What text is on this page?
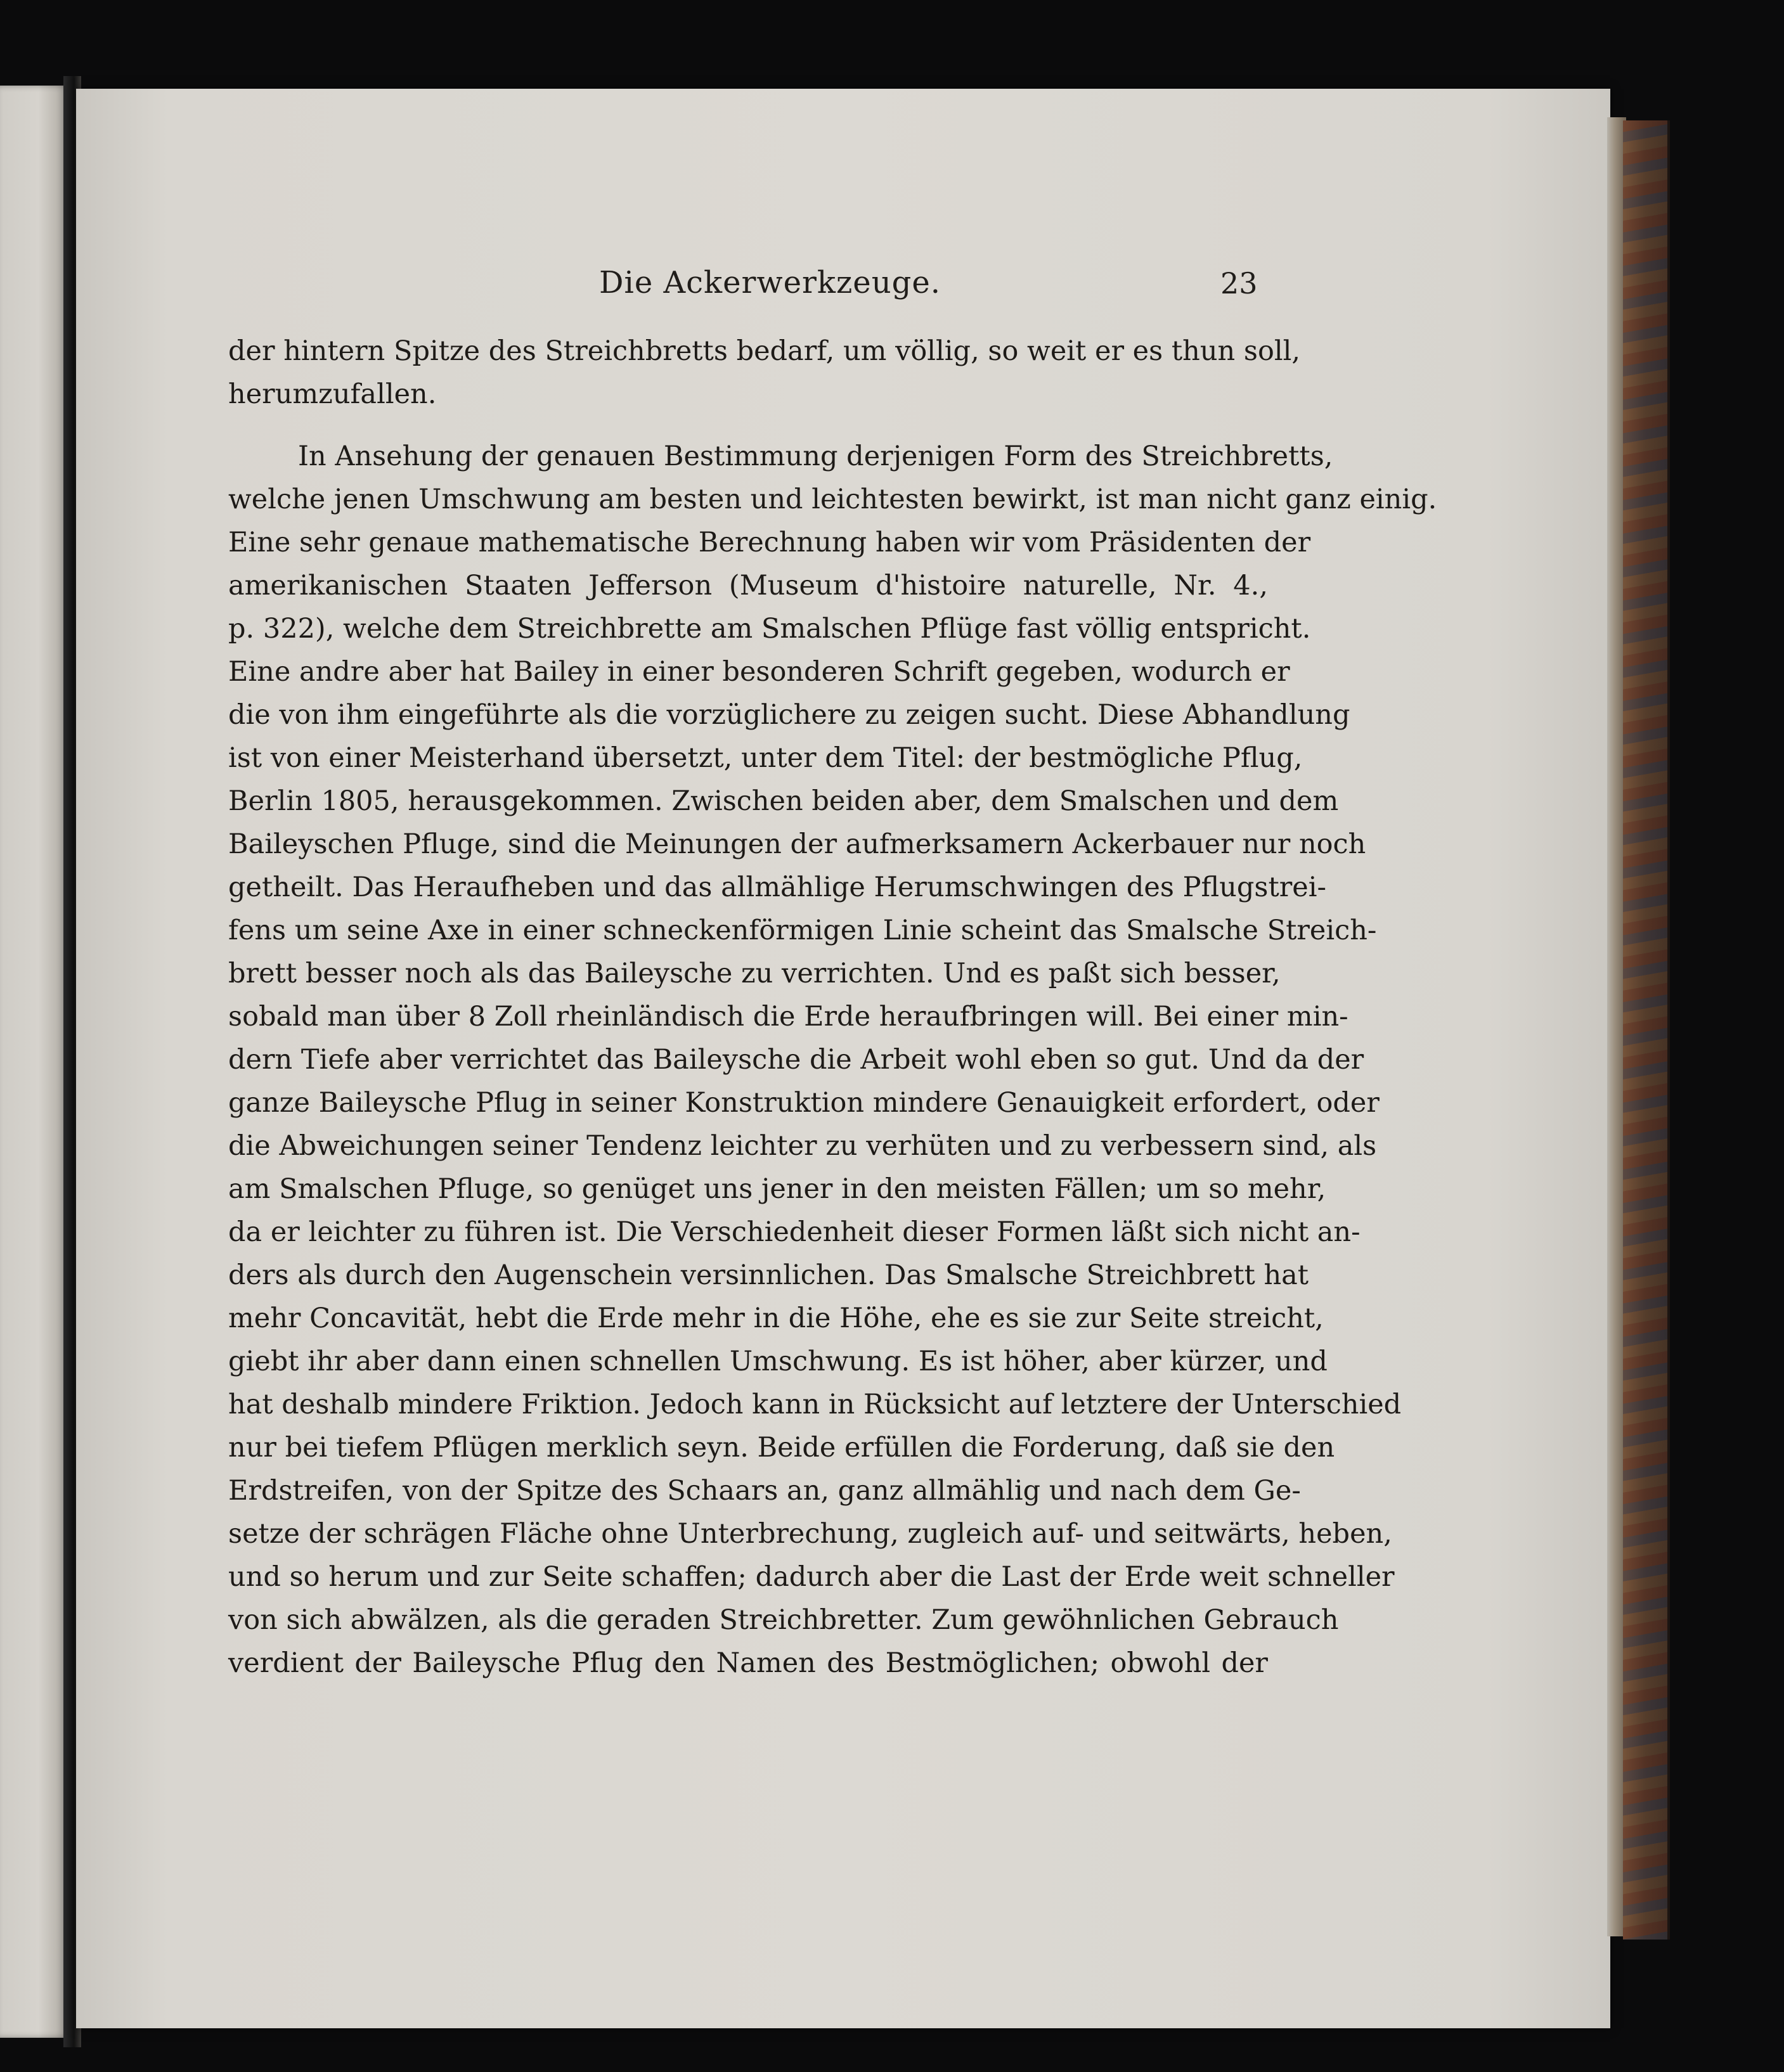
Die Ackerwerkzeuge.	23
der hintern Spitze des Streichbretts bedarf, um völlig, so weit er es thun soll,
herumzufallen.
In Ansehung der genauen Bestimmung derjenigen Form des Streichbretts,
welche jenen Umschwung am besten und leichtesten bewirkt, ist man nicht ganz einig.
Eine sehr genaue mathematische Berechnung haben wir vom Präsidenten der
amerikanischen Staaten Jefferson (Museum d'histoire naturelle, Nr. 4.,
p. 322), welche dem Streichbrette am Smalschen Pflüge fast völlig entspricht.
Eine andre aber hat Bailey in einer besonderen Schrift gegeben, wodurch er
die von ihm eingeführte als die vorzüglichere zu zeigen sucht. Diese Abhandlung
ist von einer Meisterhand übersetzt, unter dem Titel: der bestmögliche Pflug,
Berlin 1805, herausgekommen. Zwischen beiden aber, dem Smalschen und dem
Baileyschen Pfluge, sind die Meinungen der aufmerksamern Ackerbauer nur noch
getheilt. Das Heraufheben und das allmählige Herumschwingen des Pflugstrei-
fens um seine Axe in einer schneckenförmigen Linie scheint das Smalsche Streich-
brett besser noch als das Baileysche zu verrichten. Und es paßt sich besser,
sobald man über 8 Zoll rheinländisch die Erde heraufbringen will. Bei einer min-
dern Tiefe aber verrichtet das Baileysche die Arbeit wohl eben so gut. Und da der
ganze Baileysche Pflug in seiner Konstruktion mindere Genauigkeit erfordert, oder
die Abweichungen seiner Tendenz leichter zu verhüten und zu verbessern sind, als
am Smalschen Pfluge, so genüget uns jener in den meisten Fällen; um so mehr,
da er leichter zu führen ist. Die Verschiedenheit dieser Formen läßt sich nicht an-
ders als durch den Augenschein versinnlichen. Das Smalsche Streichbrett hat
mehr Concavität, hebt die Erde mehr in die Höhe, ehe es sie zur Seite streicht,
giebt ihr aber dann einen schnellen Umschwung. Es ist höher, aber kürzer, und
hat deshalb mindere Friktion. Jedoch kann in Rücksicht auf letztere der Unterschied
nur bei tiefem Pflügen merklich seyn. Beide erfüllen die Forderung, daß sie den
Erdstreifen, von der Spitze des Schaars an, ganz allmählig und nach dem Ge-
setze der schrägen Fläche ohne Unterbrechung, zugleich auf- und seitwärts, heben,
und so herum und zur Seite schaffen; dadurch aber die Last der Erde weit schneller
von sich abwälzen, als die geraden Streichbretter. Zum gewöhnlichen Gebrauch
verdient der Baileysche Pflug den Namen des Bestmöglichen; obwohl der
